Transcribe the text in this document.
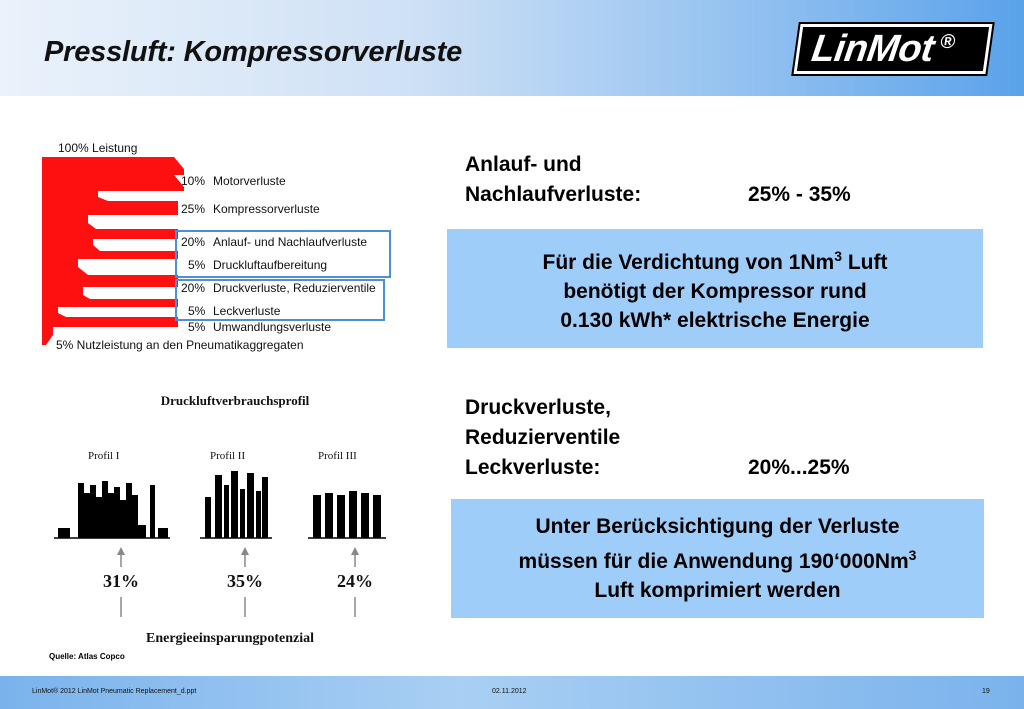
Pressluft: Kompressorverluste	LinMot ®
100% Leistung
10% Motorverluste
25% Kompressorverluste
20% Anlauf- und Nachlaufverluste
5% Druckluftaufbereitung
20% Druckverluste, Reduzierventile
5% Leckverluste
5% Umwandlungsverluste
5% Nutzleistung an den Pneumatikaggregaten
Druckluftverbrauchsprofil
Profil I	Profil II	Profil III
31%	35%	24%
Energieeinsparungpotenzial
Anlauf- und
Nachlaufverluste:	25% - 35%
Für die Verdichtung von 1Nm$^3$ Luft
benötigt der Kompressor rund
0.130 kWh* elektrische Energie
Druckverluste,
Reduzierventile
Leckverluste:	20%...25%
Unter Berücksichtigung der Verluste
müssen für die Anwendung 190‘000Nm$^3$
Luft komprimiert werden
Quelle: Atlas Copco
LinMot® 2012 LinMot Pneumatic Replacement_d.ppt	02.11.2012	19
